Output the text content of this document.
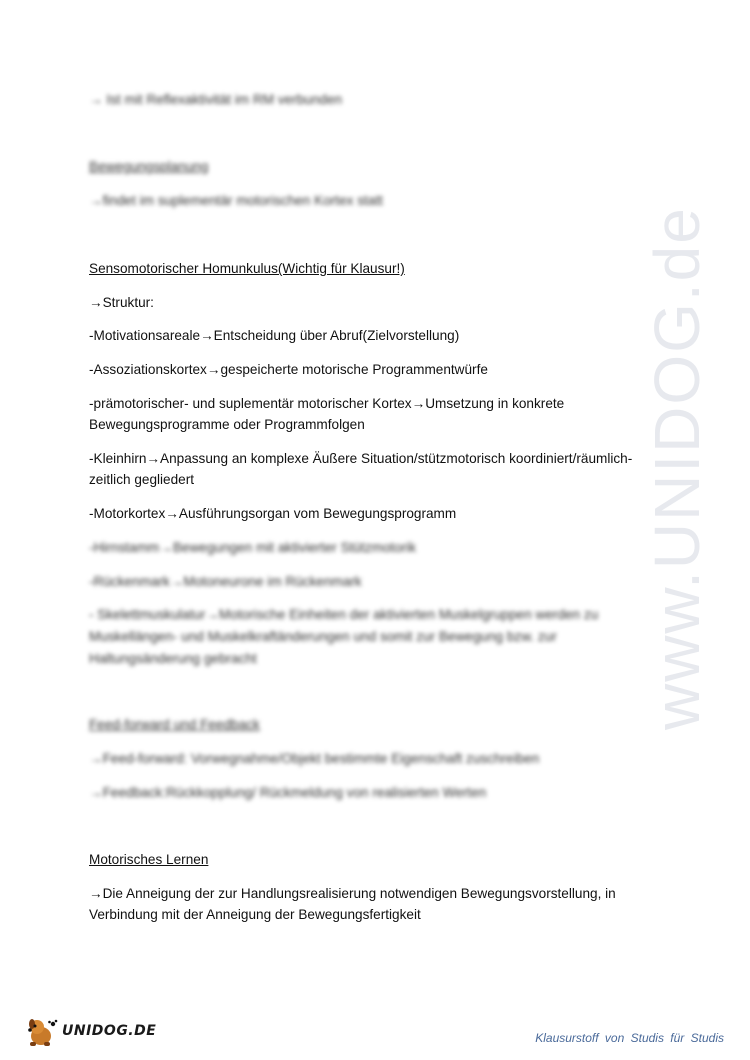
www.UNIDOG.de
→ Ist mit Reflexaktivität im RM verbunden
Bewegungsplanung
→findet im suplementär motorischen Kortex statt
Sensomotorischer Homunkulus(Wichtig für Klausur!)
→Struktur:
-Motivationsareale→Entscheidung über Abruf(Zielvorstellung)
-Assoziationskortex→gespeicherte motorische Programmentwürfe
-prämotorischer- und suplementär motorischer Kortex→Umsetzung in konkrete
Bewegungsprogramme oder Programmfolgen
-Kleinhirn→Anpassung an komplexe Äußere Situation/stützmotorisch koordiniert/räumlich-
zeitlich gegliedert
-Motorkortex→Ausführungsorgan vom Bewegungsprogramm
-Hirnstamm→Bewegungen mit aktivierter Stützmotorik
-Rückenmark→Motoneurone im Rückenmark
- Skelettmuskulatur→Motorische Einheiten der aktivierten Muskelgruppen werden zu
Muskellängen- und Muskelkraftänderungen und somit zur Bewegung bzw. zur
Haltungsänderung gebracht
Feed-forward und Feedback
→Feed-forward: Vorwegnahme/Objekt bestimmte Eigenschaft zuschreiben
→Feedback:Rückkopplung/ Rückmeldung von realisierten Werten
Motorisches Lernen
→Die Anneigung der zur Handlungsrealisierung notwendigen Bewegungsvorstellung, in
Verbindung mit der Anneigung der Bewegungsfertigkeit
UNIDOG.DE	Klausurstoff von Studis für Studis
